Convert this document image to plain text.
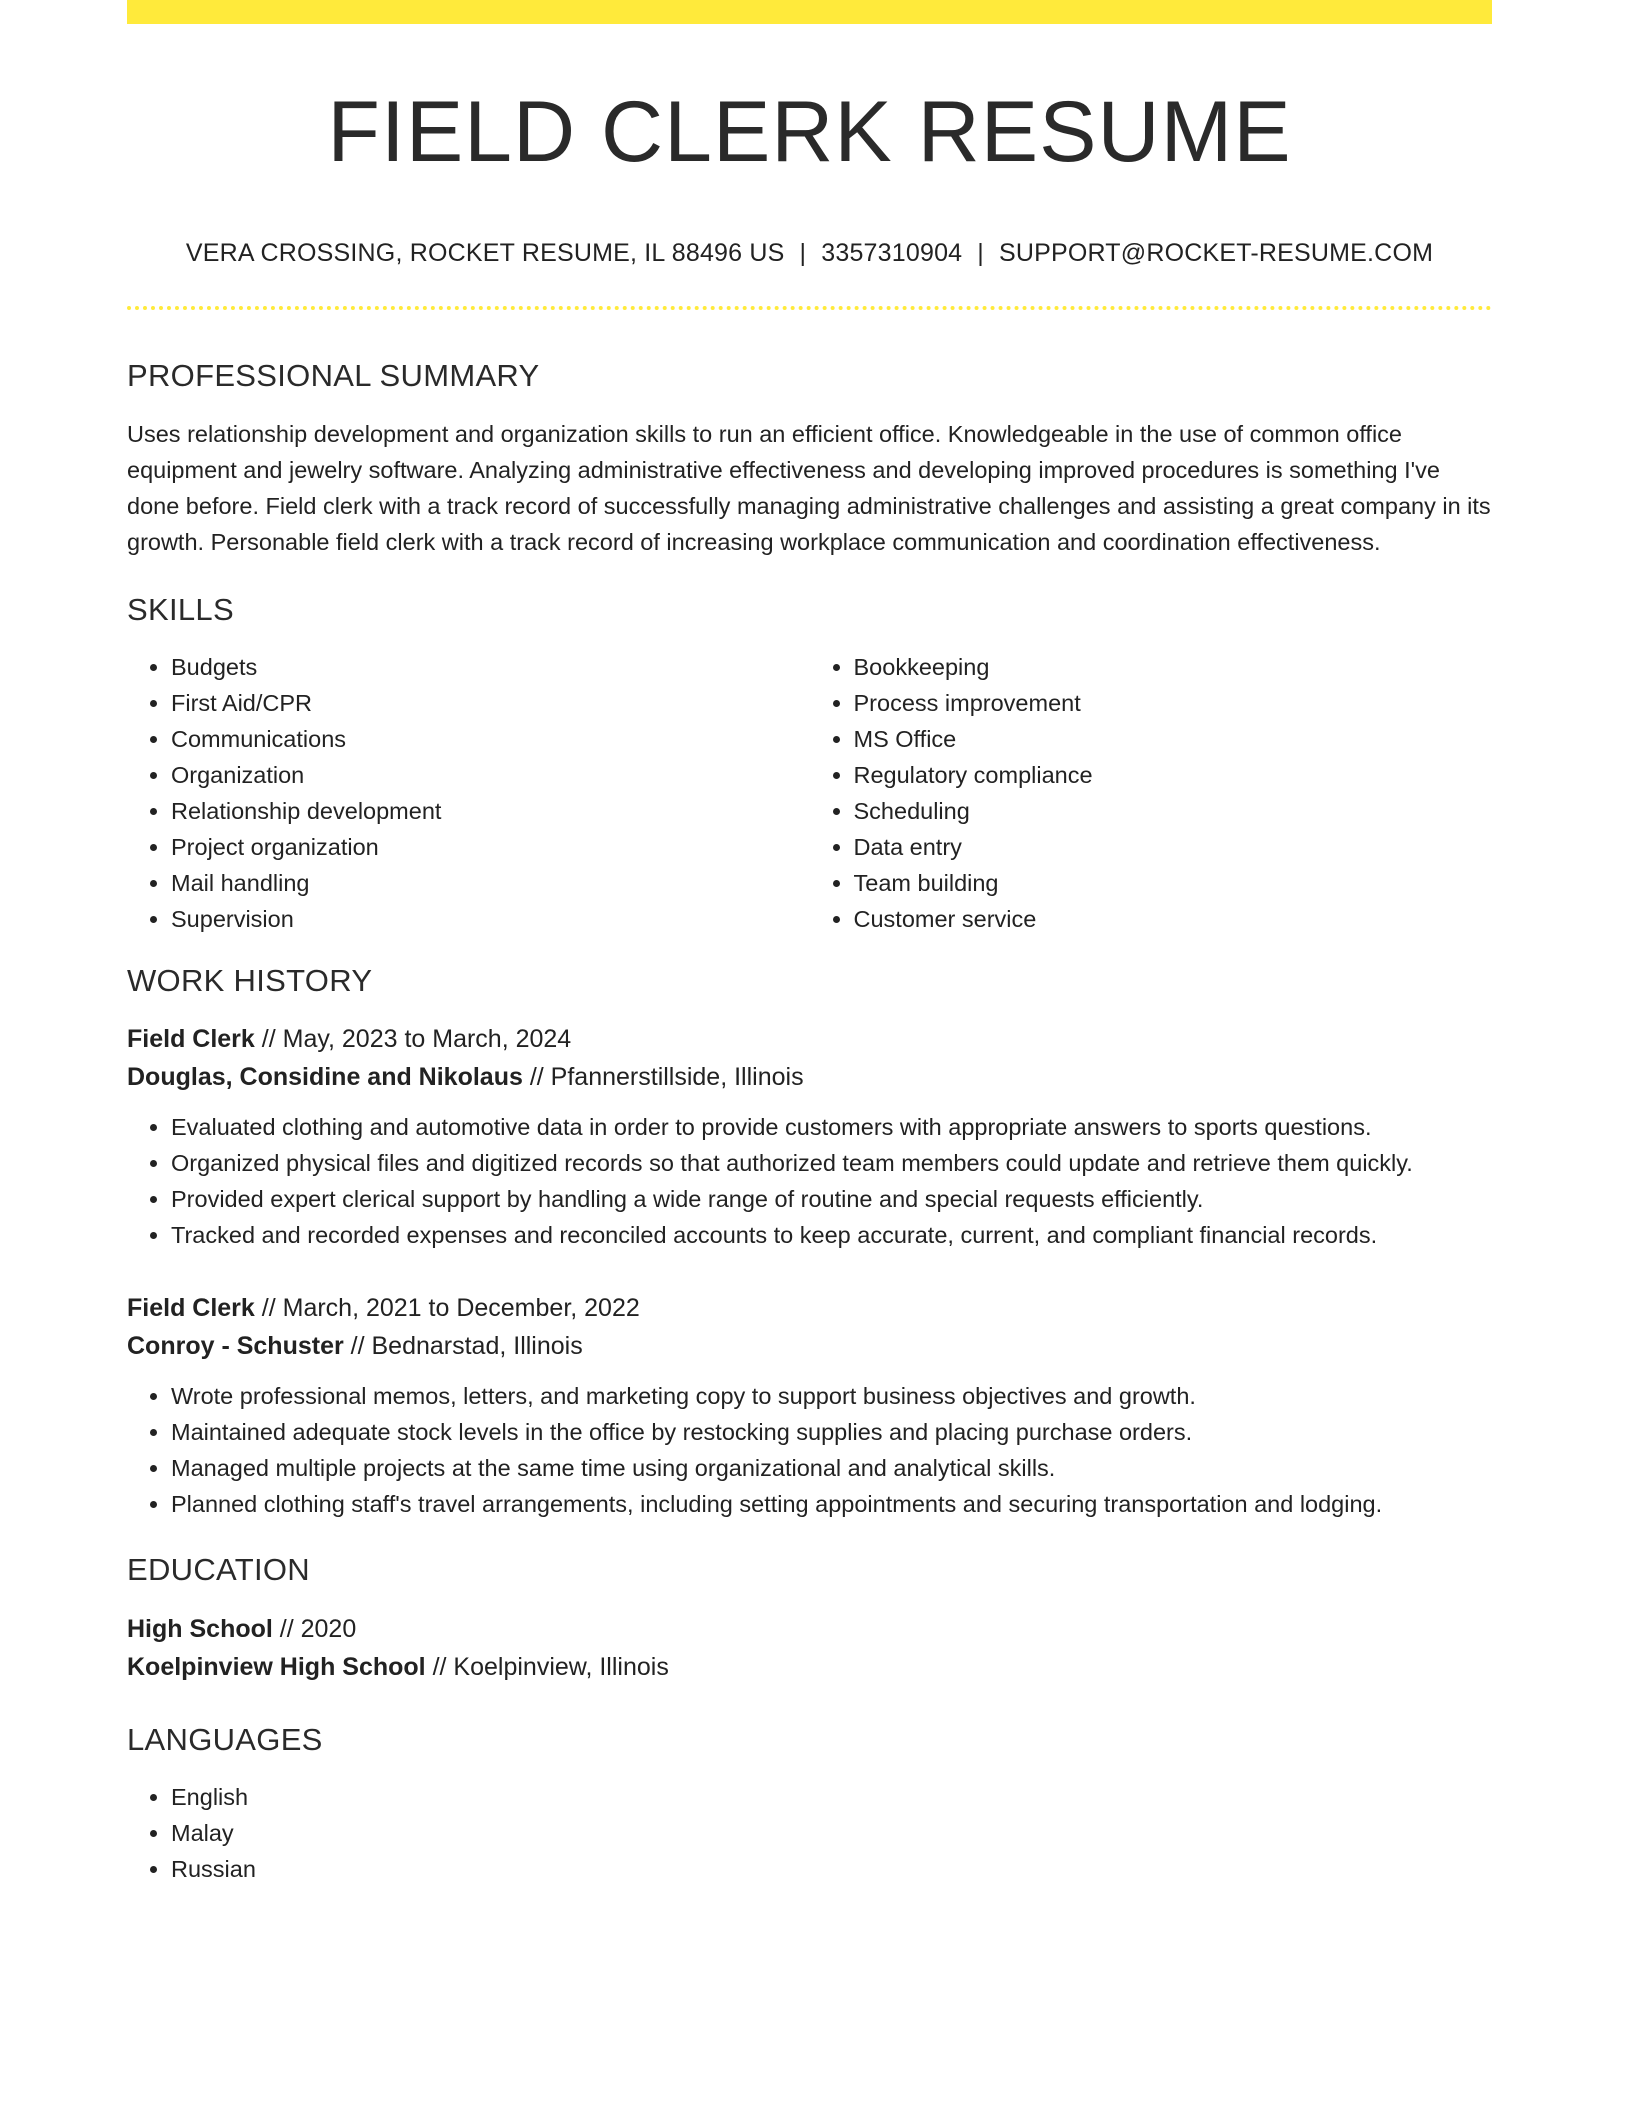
FIELD CLERK RESUME
VERA CROSSING, ROCKET RESUME, IL 88496 US | 3357310904 | SUPPORT@ROCKET-RESUME.COM
PROFESSIONAL SUMMARY
Uses relationship development and organization skills to run an efficient office. Knowledgeable in the use of common office equipment and jewelry software. Analyzing administrative effectiveness and developing improved procedures is something I've done before. Field clerk with a track record of successfully managing administrative challenges and assisting a great company in its growth. Personable field clerk with a track record of increasing workplace communication and coordination effectiveness.
SKILLS
• Budgets
• First Aid/CPR
• Communications
• Organization
• Relationship development
• Project organization
• Mail handling
• Supervision
• Bookkeeping
• Process improvement
• MS Office
• Regulatory compliance
• Scheduling
• Data entry
• Team building
• Customer service
WORK HISTORY
Field Clerk // May, 2023 to March, 2024
Douglas, Considine and Nikolaus // Pfannerstillside, Illinois
• Evaluated clothing and automotive data in order to provide customers with appropriate answers to sports questions.
• Organized physical files and digitized records so that authorized team members could update and retrieve them quickly.
• Provided expert clerical support by handling a wide range of routine and special requests efficiently.
• Tracked and recorded expenses and reconciled accounts to keep accurate, current, and compliant financial records.
Field Clerk // March, 2021 to December, 2022
Conroy - Schuster // Bednarstad, Illinois
• Wrote professional memos, letters, and marketing copy to support business objectives and growth.
• Maintained adequate stock levels in the office by restocking supplies and placing purchase orders.
• Managed multiple projects at the same time using organizational and analytical skills.
• Planned clothing staff's travel arrangements, including setting appointments and securing transportation and lodging.
EDUCATION
High School // 2020
Koelpinview High School // Koelpinview, Illinois
LANGUAGES
• English
• Malay
• Russian
